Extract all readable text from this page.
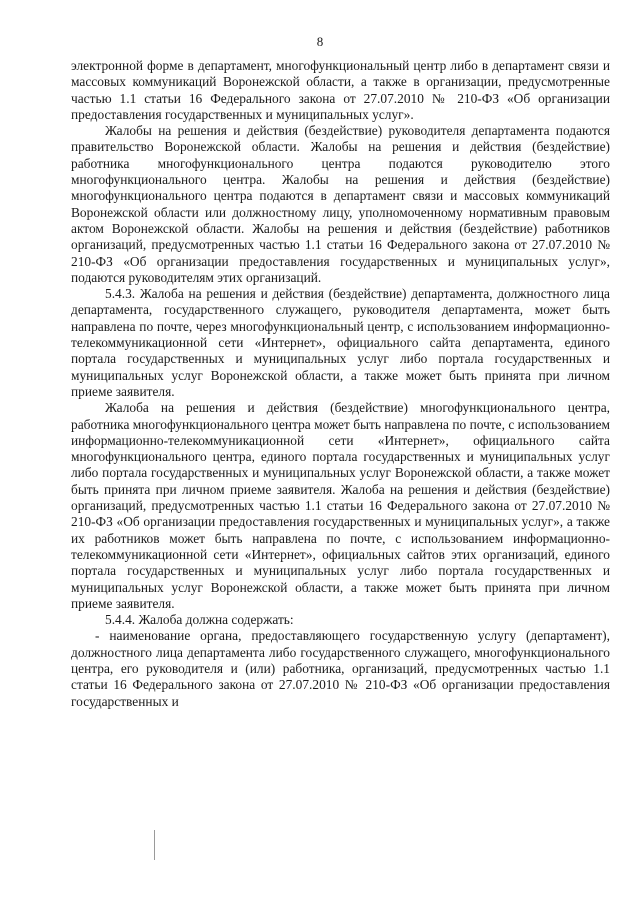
8

электронной форме в департамент, многофункциональный центр либо в департамент связи и массовых коммуникаций Воронежской области, а также в организации, предусмотренные частью 1.1 статьи 16 Федерального закона от 27.07.2010 № 210-ФЗ «Об организации предоставления государственных и муниципальных услуг».

Жалобы на решения и действия (бездействие) руководителя департамента подаются правительство Воронежской области. Жалобы на решения и действия (бездействие) работника многофункционального центра подаются руководителю этого многофункционального центра. Жалобы на решения и действия (бездействие) многофункционального центра подаются в департамент связи и массовых коммуникаций Воронежской области или должностному лицу, уполномоченному нормативным правовым актом Воронежской области. Жалобы на решения и действия (бездействие) работников организаций, предусмотренных частью 1.1 статьи 16 Федерального закона от 27.07.2010 № 210-ФЗ «Об организации предоставления государственных и муниципальных услуг», подаются руководителям этих организаций.

5.4.3. Жалоба на решения и действия (бездействие) департамента, должностного лица департамента, государственного служащего, руководителя департамента, может быть направлена по почте, через многофункциональный центр, с использованием информационно-телекоммуникационной сети «Интернет», официального сайта департамента, единого портала государственных и муниципальных услуг либо портала государственных и муниципальных услуг Воронежской области, а также может быть принята при личном приеме заявителя.

Жалоба на решения и действия (бездействие) многофункционального центра, работника многофункционального центра может быть направлена по почте, с использованием информационно-телекоммуникационной сети «Интернет», официального сайта многофункционального центра, единого портала государственных и муниципальных услуг либо портала государственных и муниципальных услуг Воронежской области, а также может быть принята при личном приеме заявителя. Жалоба на решения и действия (бездействие) организаций, предусмотренных частью 1.1 статьи 16 Федерального закона от 27.07.2010 № 210-ФЗ «Об организации предоставления государственных и муниципальных услуг», а также их работников может быть направлена по почте, с использованием информационно-телекоммуникационной сети «Интернет», официальных сайтов этих организаций, единого портала государственных и муниципальных услуг либо портала государственных и муниципальных услуг Воронежской области, а также может быть принята при личном приеме заявителя.

5.4.4. Жалоба должна содержать:

- наименование органа, предоставляющего государственную услугу (департамент), должностного лица департамента либо государственного служащего, многофункционального центра, его руководителя и (или) работника, организаций, предусмотренных частью 1.1 статьи 16 Федерального закона от 27.07.2010 № 210-ФЗ «Об организации предоставления государственных и
